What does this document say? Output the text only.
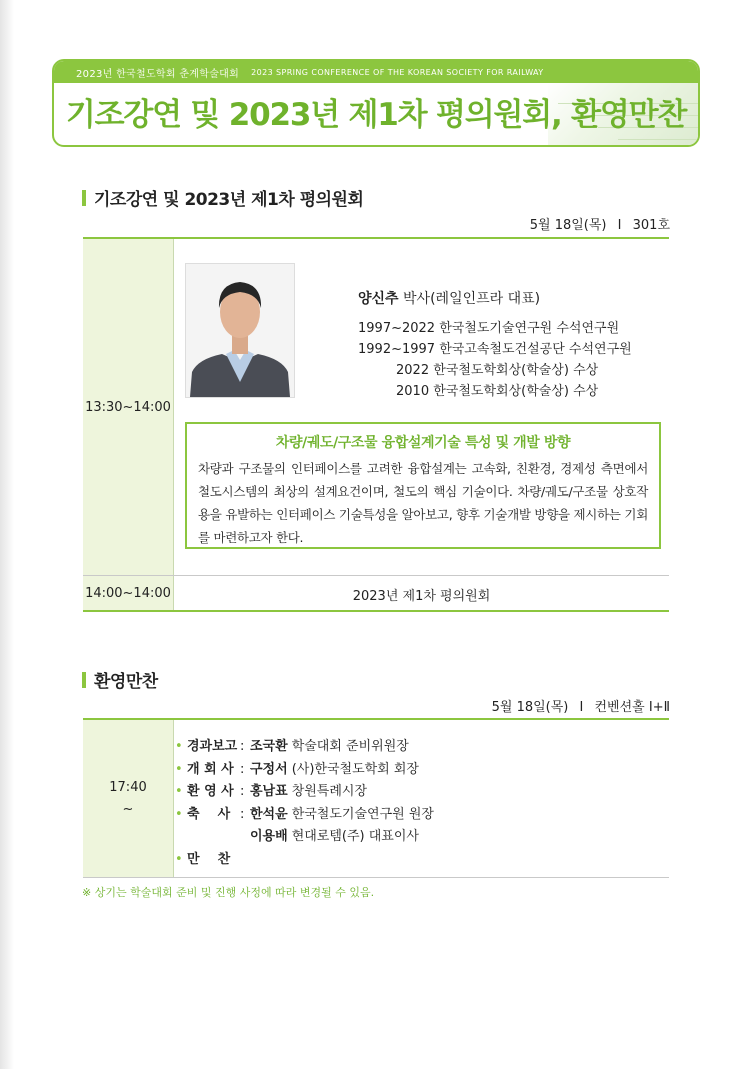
2023년 한국철도학회 춘계학술대회 2023 SPRING CONFERENCE OF THE KOREAN SOCIETY FOR RAILWAY
기조강연 및 2023년 제1차 평의원회, 환영만찬
기조강연 및 2023년 제1차 평의원회
5월 18일(목) I 301호
13:30~14:00
양신추 박사(레일인프라 대표)
1997~2022 한국철도기술연구원 수석연구원
1992~1997 한국고속철도건설공단 수석연구원
2022 한국철도학회상(학술상) 수상
2010 한국철도학회상(학술상) 수상
차량/궤도/구조물 융합설계기술 특성 및 개발 방향
차량과 구조물의 인터페이스를 고려한 융합설계는 고속화, 친환경, 경제성 측면에서 철도시스템의 최상의 설계요건이며, 철도의 핵심 기술이다. 차량/궤도/구조물 상호작용을 유발하는 인터페이스 기술특성을 알아보고, 향후 기술개발 방향을 제시하는 기회를 마련하고자 한다.
14:00~14:00	2023년 제1차 평의원회
환영만찬
5월 18일(목) I 컨벤션홀 Ⅰ+Ⅱ
17:40
~
• 경과보고 : 조국환 학술대회 준비위원장
• 개 회 사 : 구정서 (사)한국철도학회 회장
• 환 영 사 : 홍남표 창원특례시장
• 축    사 : 한석윤 한국철도기술연구원 원장
이용배 현대로템(주) 대표이사
• 만    찬
※ 상기는 학술대회 준비 및 진행 사정에 따라 변경될 수 있음.
